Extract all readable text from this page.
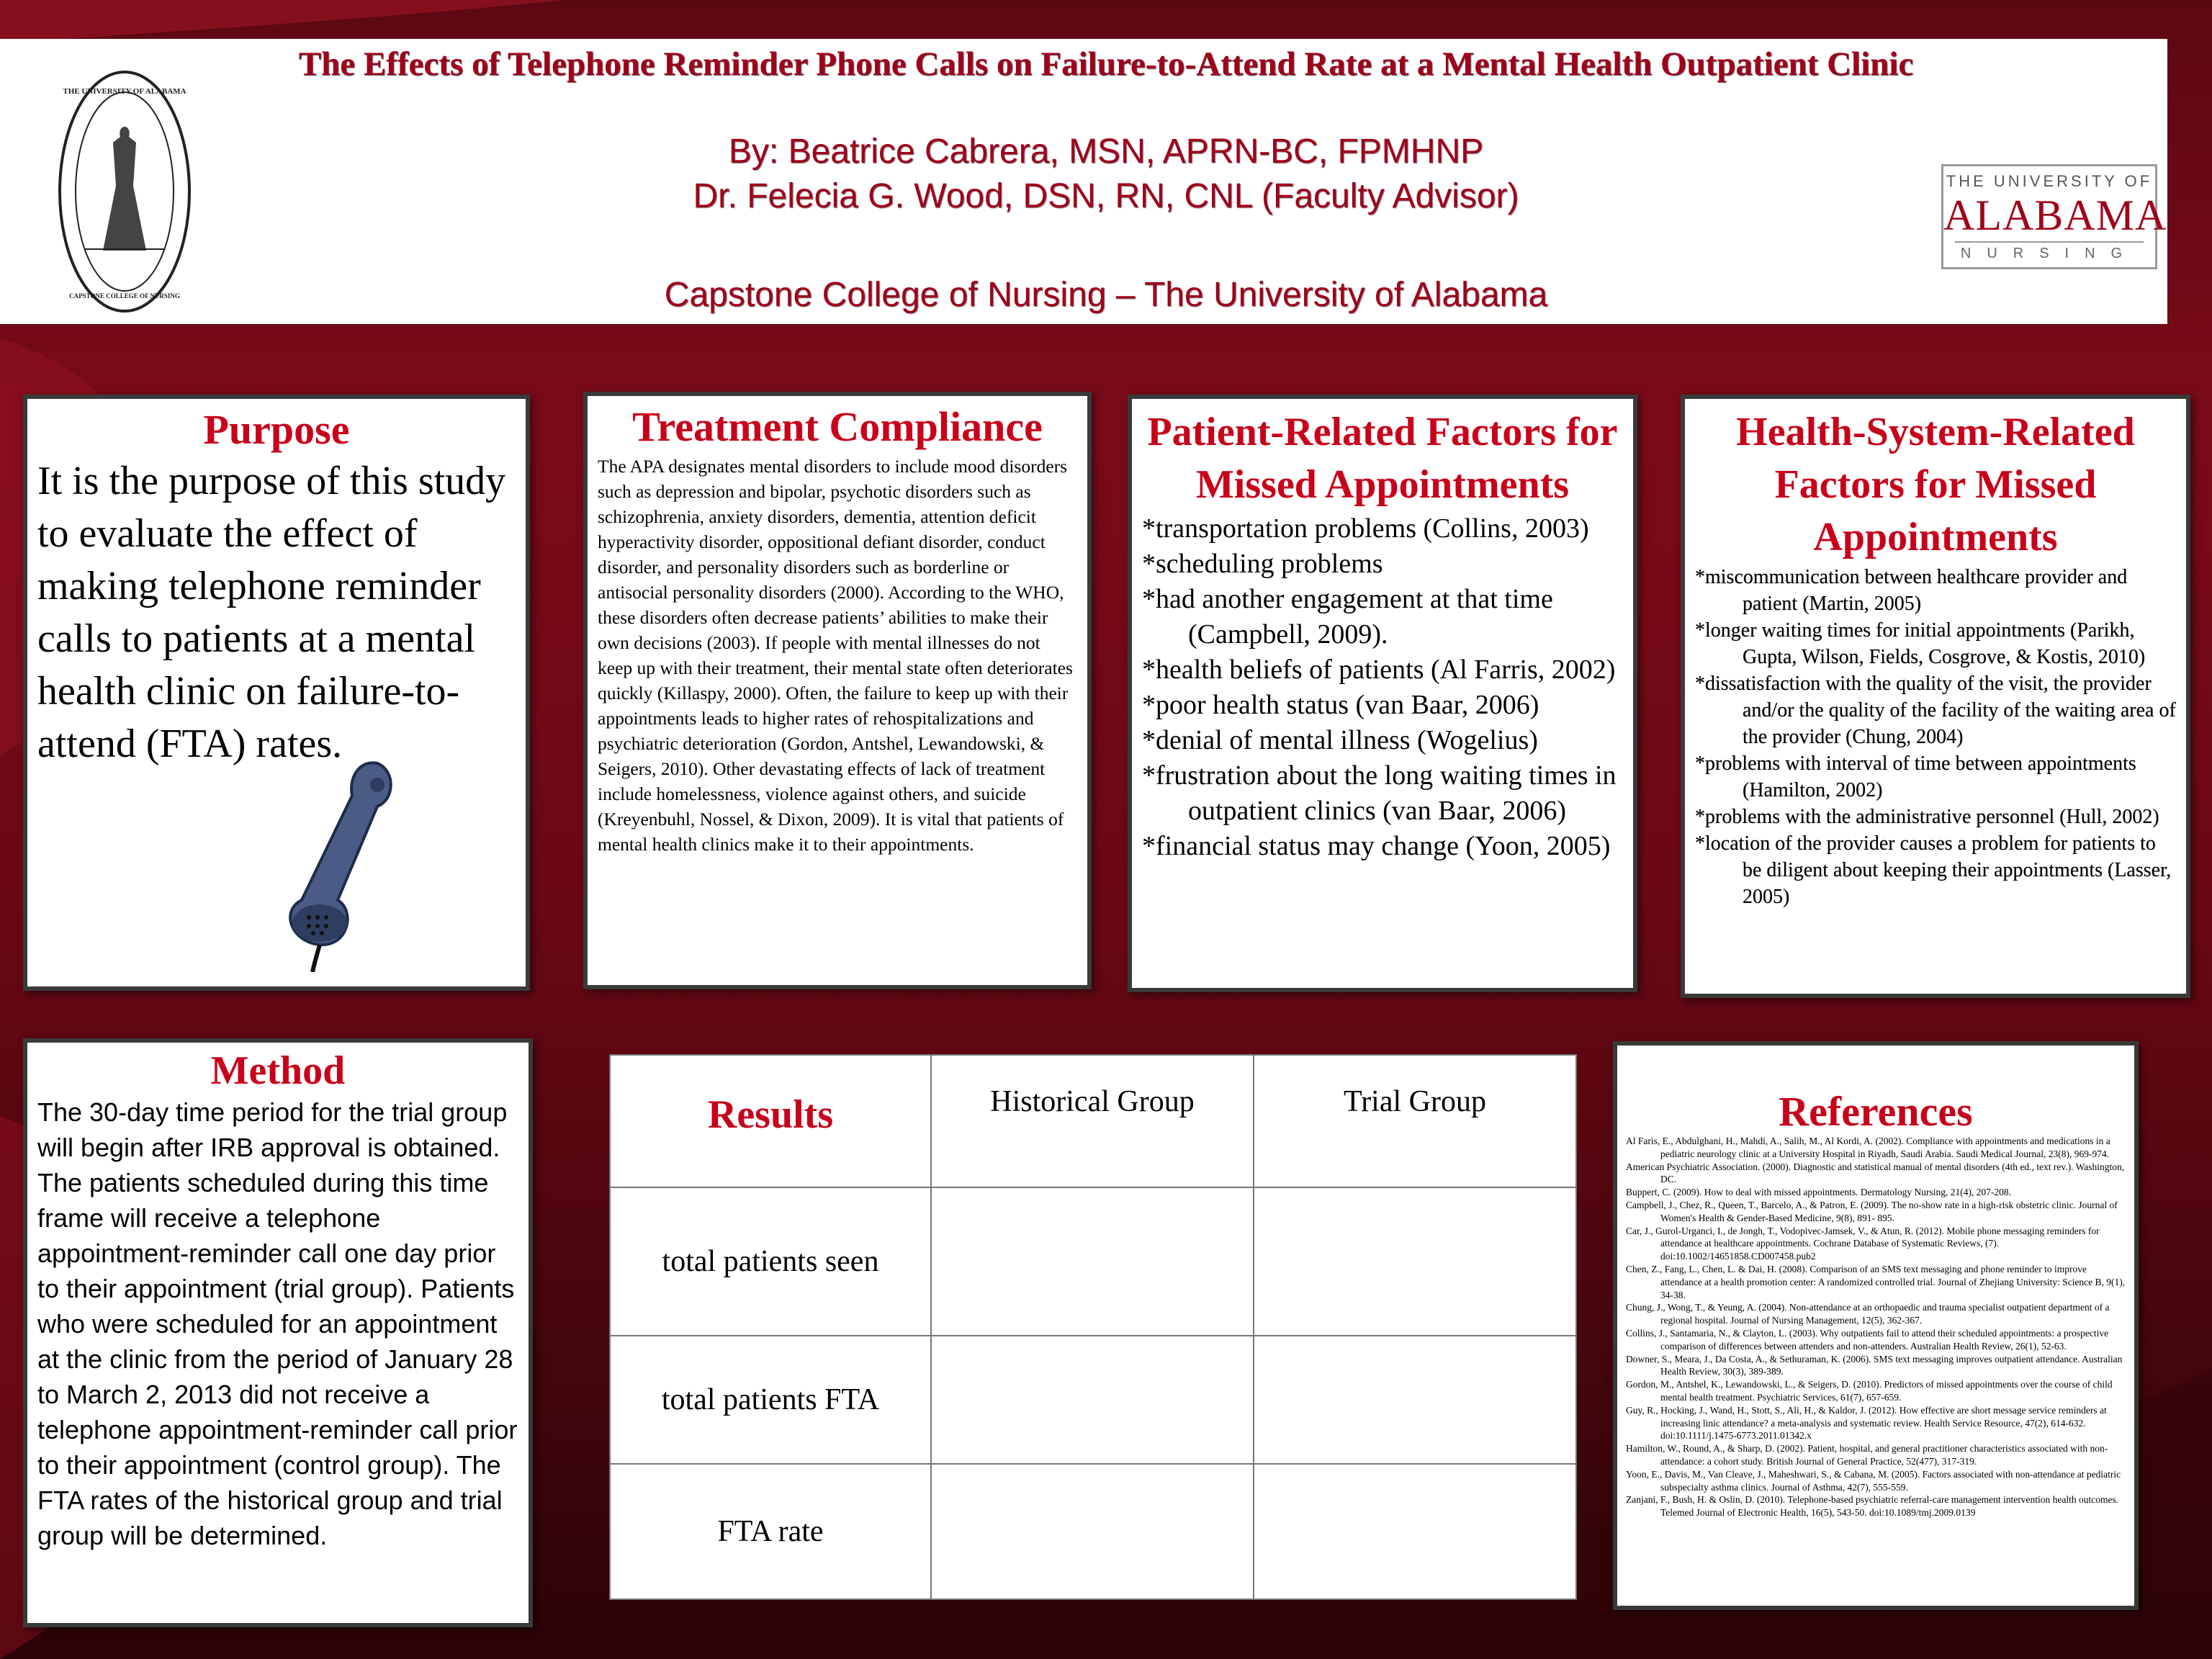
THE UNIVERSITY OF ALABAMA
CAPSTONE COLLEGE OF NURSING
The Effects of Telephone Reminder Phone Calls on Failure-to-Attend Rate at a Mental Health Outpatient Clinic
By: Beatrice Cabrera, MSN, APRN-BC, FPMHNP
Dr. Felecia G. Wood, DSN, RN, CNL (Faculty Advisor)
Capstone College of Nursing – The University of Alabama
THE UNIVERSITY OF
ALABAMA
NURSING
Purpose
It is the purpose of this study to evaluate the effect of making telephone reminder calls to patients at a mental health clinic on failure-to-attend (FTA) rates.
Treatment Compliance
The APA designates mental disorders to include mood disorders such as depression and bipolar, psychotic disorders such as schizophrenia, anxiety disorders, dementia, attention deficit hyperactivity disorder, oppositional defiant disorder, conduct disorder, and personality disorders such as borderline or antisocial personality disorders (2000). According to the WHO, these disorders often decrease patients’ abilities to make their own decisions (2003). If people with mental illnesses do not keep up with their treatment, their mental state often deteriorates quickly (Killaspy, 2000). Often, the failure to keep up with their appointments leads to higher rates of rehospitalizations and psychiatric deterioration (Gordon, Antshel, Lewandowski, & Seigers, 2010). Other devastating effects of lack of treatment include homelessness, violence against others, and suicide (Kreyenbuhl, Nossel, & Dixon, 2009). It is vital that patients of mental health clinics make it to their appointments.
Patient-Related Factors for Missed Appointments
*transportation problems (Collins, 2003)
*scheduling problems
*had another engagement at that time (Campbell, 2009).
*health beliefs of patients (Al Farris, 2002)
*poor health status (van Baar, 2006)
*denial of mental illness (Wogelius)
*frustration about the long waiting times in outpatient clinics (van Baar, 2006)
*financial status may change (Yoon, 2005)
Health-System-Related Factors for Missed Appointments
*miscommunication between healthcare provider and patient (Martin, 2005)
*longer waiting times for initial appointments (Parikh, Gupta, Wilson, Fields, Cosgrove, & Kostis, 2010)
*dissatisfaction with the quality of the visit, the provider and/or the quality of the facility of the waiting area of the provider (Chung, 2004)
*problems with interval of time between appointments (Hamilton, 2002)
*problems with the administrative personnel (Hull, 2002)
*location of the provider causes a problem for patients to be diligent about keeping their appointments (Lasser, 2005)
Method
The 30-day time period for the trial group will begin after IRB approval is obtained. The patients scheduled during this time frame will receive a telephone appointment-reminder call one day prior to their appointment (trial group). Patients who were scheduled for an appointment at the clinic from the period of January 28 to March 2, 2013 did not receive a telephone appointment-reminder call prior to their appointment (control group). The FTA rates of the historical group and trial group will be determined.
Results	Historical Group	Trial Group
total patients seen		
total patients FTA		
FTA rate		
References
Al Faris, E., Abdulghani, H., Mahdi, A., Salih, M., Al Kordi, A. (2002). Compliance with appointments and medications in a pediatric neurology clinic at a University Hospital in Riyadh, Saudi Arabia. Saudi Medical Journal, 23(8), 969-974.
American Psychiatric Association. (2000). Diagnostic and statistical manual of mental disorders (4th ed., text rev.). Washington, DC.
Buppert, C. (2009). How to deal with missed appointments. Dermatology Nursing, 21(4), 207-208.
Campbell, J., Chez, R., Queen, T., Barcelo, A., & Patron, E. (2009). The no-show rate in a high-risk obstetric clinic. Journal of Women's Health & Gender-Based Medicine, 9(8), 891- 895.
Car, J., Gurol-Urganci, I., de Jongh, T., Vodopivec-Jamsek, V., & Atun, R. (2012). Mobile phone messaging reminders for attendance at healthcare appointments. Cochrane Database of Systematic Reviews, (7). doi:10.1002/14651858.CD007458.pub2
Chen, Z., Fang, L., Chen, L. & Dai, H. (2008). Comparison of an SMS text messaging and phone reminder to improve attendance at a health promotion center: A randomized controlled trial. Journal of Zhejiang University: Science B, 9(1), 34-38.
Chung, J., Wong, T., & Yeung, A. (2004). Non-attendance at an orthopaedic and trauma specialist outpatient department of a regional hospital. Journal of Nursing Management, 12(5), 362-367.
Collins, J., Santamaria, N., & Clayton, L. (2003). Why outpatients fail to attend their scheduled appointments: a prospective comparison of differences between attenders and non-attenders. Australian Health Review, 26(1), 52-63.
Downer, S., Meara, J., Da Costa, A., & Sethuraman, K. (2006). SMS text messaging improves outpatient attendance. Australian Health Review, 30(3), 389-389.
Gordon, M., Antshel, K., Lewandowski, L., & Seigers, D. (2010). Predictors of missed appointments over the course of child mental health treatment. Psychiatric Services, 61(7), 657-659.
Guy, R., Hocking, J., Wand, H., Stott, S., Ali, H., & Kaldor, J. (2012). How effective are short message service reminders at increasing linic attendance? a meta-analysis and systematic review. Health Service Resource, 47(2), 614-632. doi:10.1111/j.1475-6773.2011.01342.x
Hamilton, W., Round, A., & Sharp, D. (2002). Patient, hospital, and general practitioner characteristics associated with non-attendance: a cohort study. British Journal of General Practice, 52(477), 317-319.
Yoon, E., Davis, M., Van Cleave, J., Maheshwari, S., & Cabana, M. (2005). Factors associated with non-attendance at pediatric subspecialty asthma clinics. Journal of Asthma, 42(7), 555-559.
Zanjani, F., Bush, H. & Oslin, D. (2010). Telephone-based psychiatric referral-care management intervention health outcomes. Telemed Journal of Electronic Health, 16(5), 543-50. doi:10.1089/tmj.2009.0139
